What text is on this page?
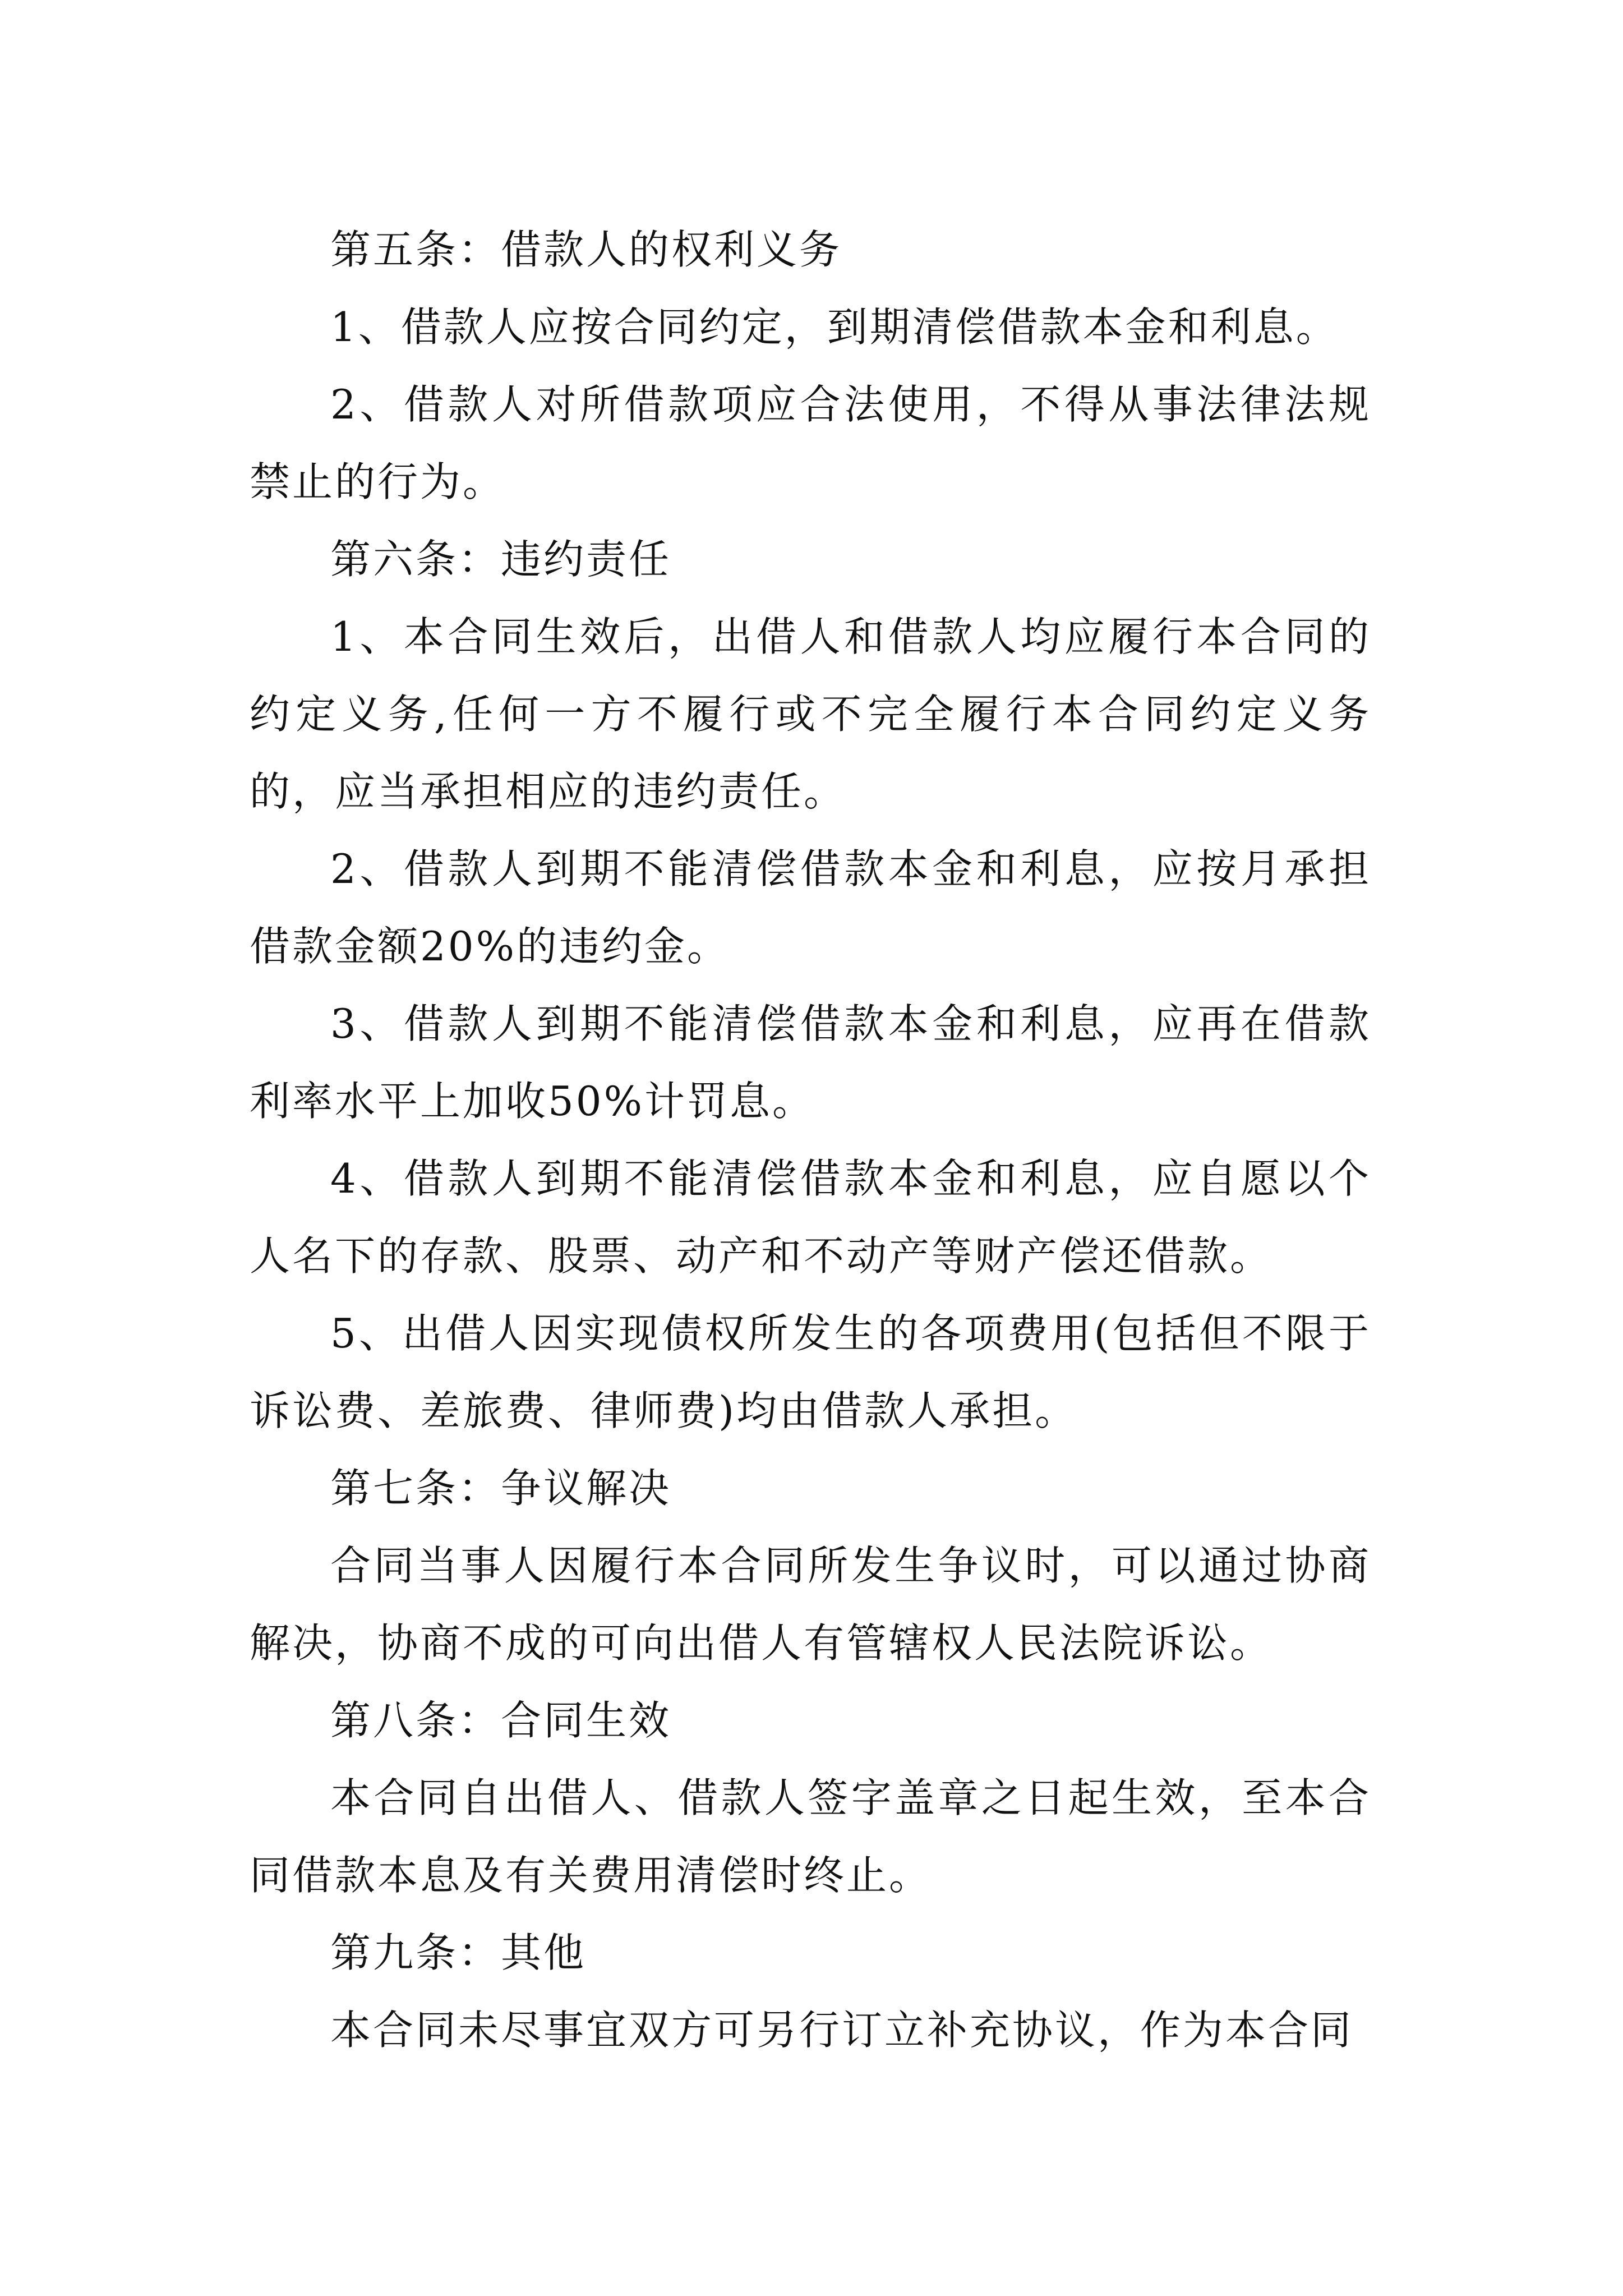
第五条：借款人的权利义务

1、借款人应按合同约定，到期清偿借款本金和利息。

2、借款人对所借款项应合法使用，不得从事法律法规禁止的行为。

第六条：违约责任

1、本合同生效后，出借人和借款人均应履行本合同的约定义务,任何一方不履行或不完全履行本合同约定义务的，应当承担相应的违约责任。

2、借款人到期不能清偿借款本金和利息，应按月承担借款金额20%的违约金。

3、借款人到期不能清偿借款本金和利息，应再在借款利率水平上加收50%计罚息。

4、借款人到期不能清偿借款本金和利息，应自愿以个人名下的存款、股票、动产和不动产等财产偿还借款。

5、出借人因实现债权所发生的各项费用(包括但不限于诉讼费、差旅费、律师费)均由借款人承担。

第七条：争议解决

合同当事人因履行本合同所发生争议时，可以通过协商解决，协商不成的可向出借人有管辖权人民法院诉讼。

第八条：合同生效

本合同自出借人、借款人签字盖章之日起生效，至本合同借款本息及有关费用清偿时终止。

第九条：其他

本合同未尽事宜双方可另行订立补充协议，作为本合同
